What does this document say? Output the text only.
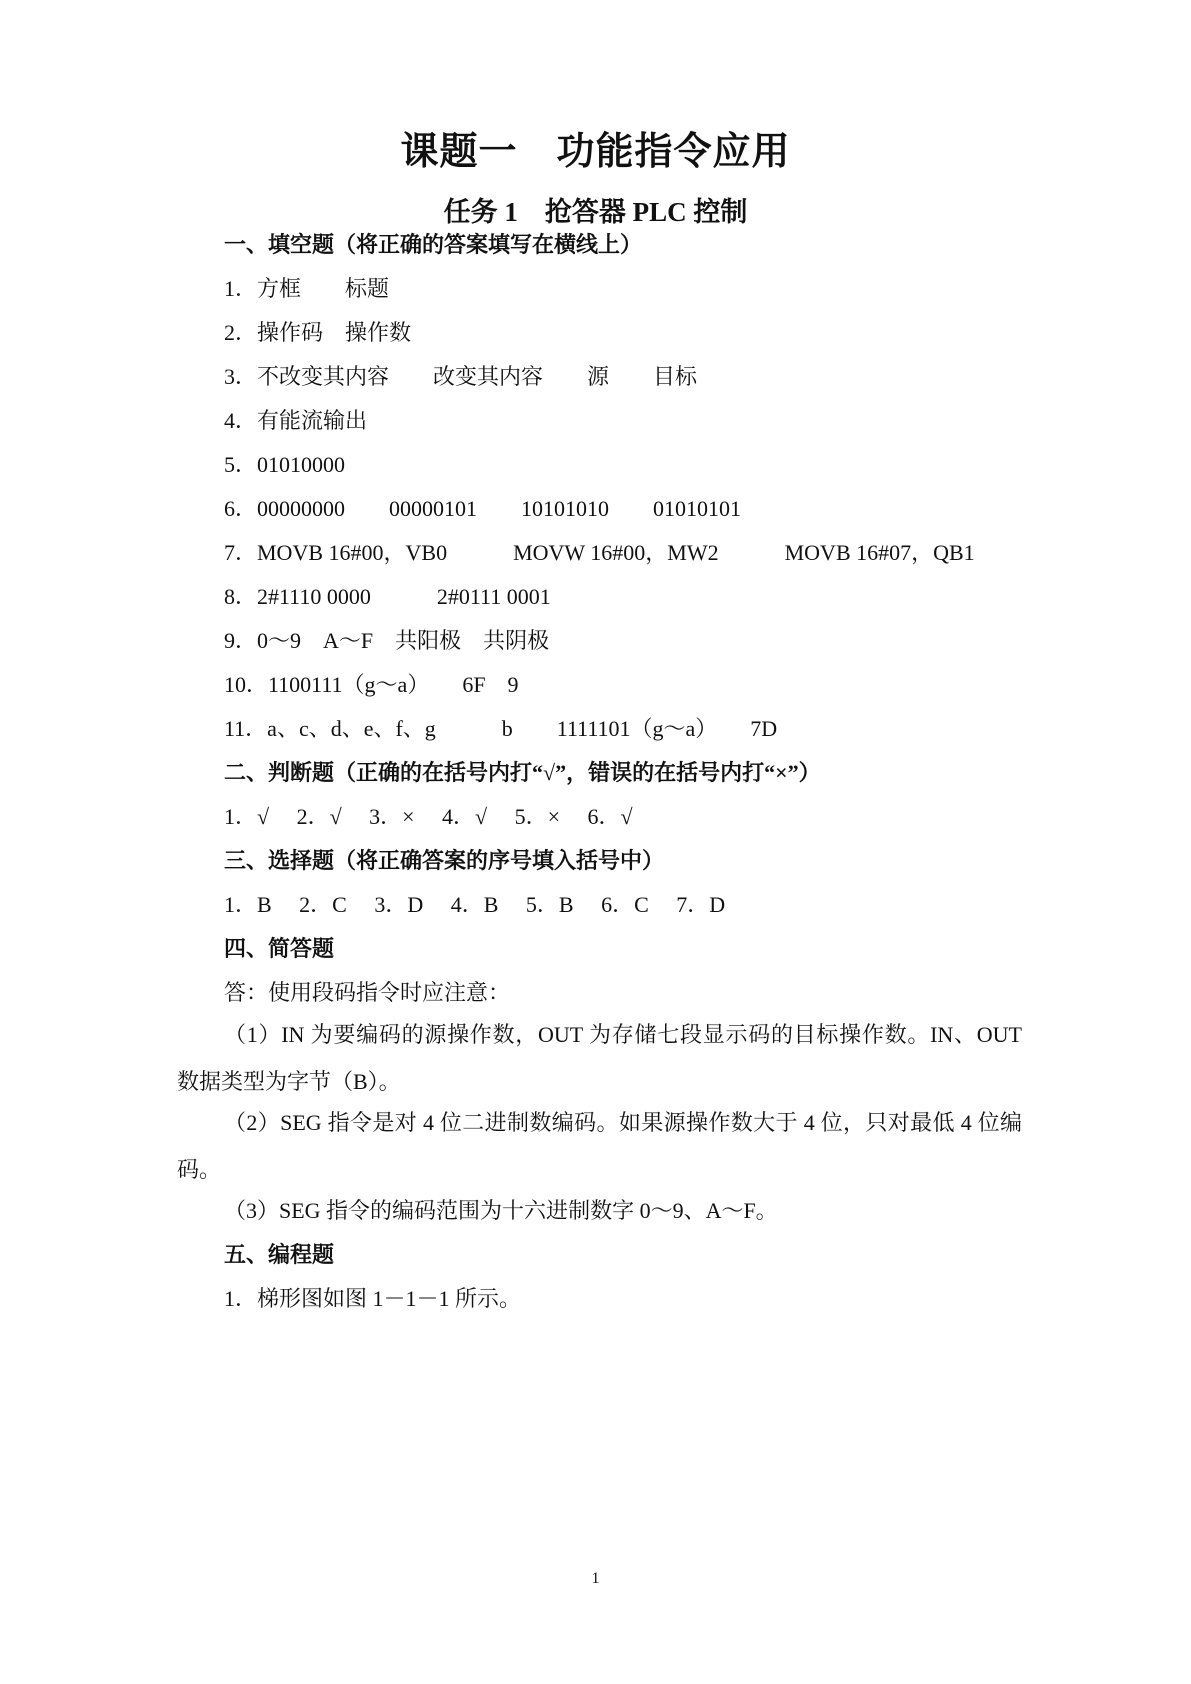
课题一　功能指令应用
任务 1　抢答器 PLC 控制
一、填空题（将正确的答案填写在横线上）
1．方框　　标题
2．操作码　操作数
3．不改变其内容　　改变其内容　　源　　目标
4．有能流输出
5．01010000
6．00000000　　00000101　　10101010　　01010101
7．MOVB 16#00，VB0　　　MOVW 16#00，MW2　　　MOVB 16#07，QB1
8．2#1110 0000　　　2#0111 0001
9．0～9　A～F　共阳极　共阴极
10．1100111（g～a）　　6F　9
11．a、c、d、e、f、g　　　b　　1111101（g～a）　　7D
二、判断题（正确的在括号内打“√”，错误的在括号内打“×”）
1．√　 2．√　 3．×　 4．√　 5．×　 6．√
三、选择题（将正确答案的序号填入括号中）
1．B　 2．C　 3．D　 4．B　 5．B　 6．C　 7．D
四、简答题
答：使用段码指令时应注意：
（1）IN 为要编码的源操作数，OUT 为存储七段显示码的目标操作数。IN、OUT 数据类型为字节（B）。
（2）SEG 指令是对 4 位二进制数编码。如果源操作数大于 4 位，只对最低 4 位编码。
（3）SEG 指令的编码范围为十六进制数字 0～9、A～F。
五、编程题
1．梯形图如图 1－1－1 所示。
1
